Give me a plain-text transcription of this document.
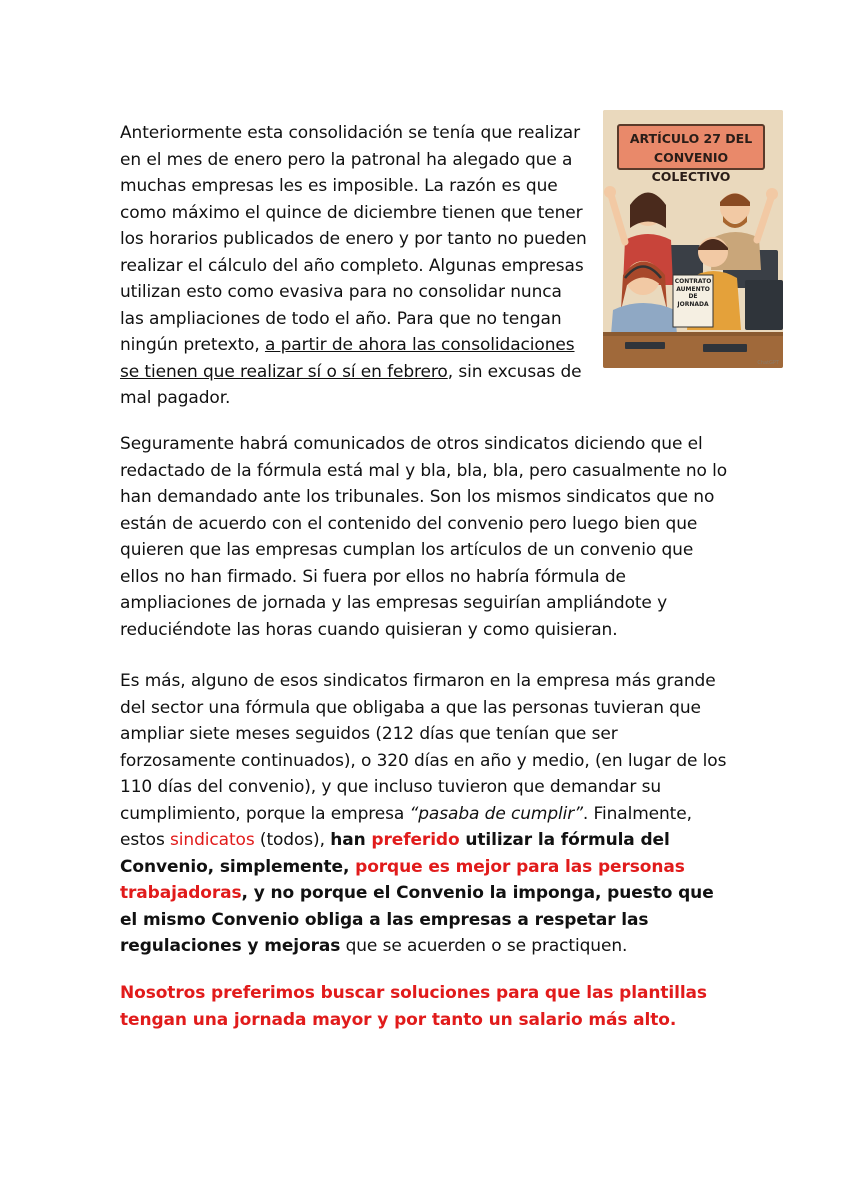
Anteriormente esta consolidación se tenía que realizar en el mes de enero pero la patronal ha alegado que a muchas empresas les es imposible. La razón es que como máximo el quince de diciembre tienen que tener los horarios publicados de enero y por tanto no pueden realizar el cálculo del año completo. Algunas empresas utilizan esto como evasiva para no consolidar nunca las ampliaciones de todo el año. Para que no tengan ningún pretexto, a partir de ahora las consolidaciones se tienen que realizar sí o sí en febrero, sin excusas de mal pagador.

ARTÍCULO 27 DEL
CONVENIO COLECTIVO
CONTRATO
AUMENTO DE
JORNADA
ChatGPT

Seguramente habrá comunicados de otros sindicatos diciendo que el redactado de la fórmula está mal y bla, bla, bla, pero casualmente no lo han demandado ante los tribunales. Son los mismos sindicatos que no están de acuerdo con el contenido del convenio pero luego bien que quieren que las empresas cumplan los artículos de un convenio que ellos no han firmado. Si fuera por ellos no habría fórmula de ampliaciones de jornada y las empresas seguirían ampliándote y reduciéndote las horas cuando quisieran y como quisieran.

Es más, alguno de esos sindicatos firmaron en la empresa más grande del sector una fórmula que obligaba a que las personas tuvieran que ampliar siete meses seguidos (212 días que tenían que ser forzosamente continuados), o 320 días en año y medio, (en lugar de los 110 días del convenio), y que incluso tuvieron que demandar su cumplimiento, porque la empresa “pasaba de cumplir”. Finalmente, estos sindicatos (todos), han preferido utilizar la fórmula del Convenio, simplemente, porque es mejor para las personas trabajadoras, y no porque el Convenio la imponga, puesto que el mismo Convenio obliga a las empresas a respetar las regulaciones y mejoras que se acuerden o se practiquen.

Nosotros preferimos buscar soluciones para que las plantillas tengan una jornada mayor y por tanto un salario más alto.
